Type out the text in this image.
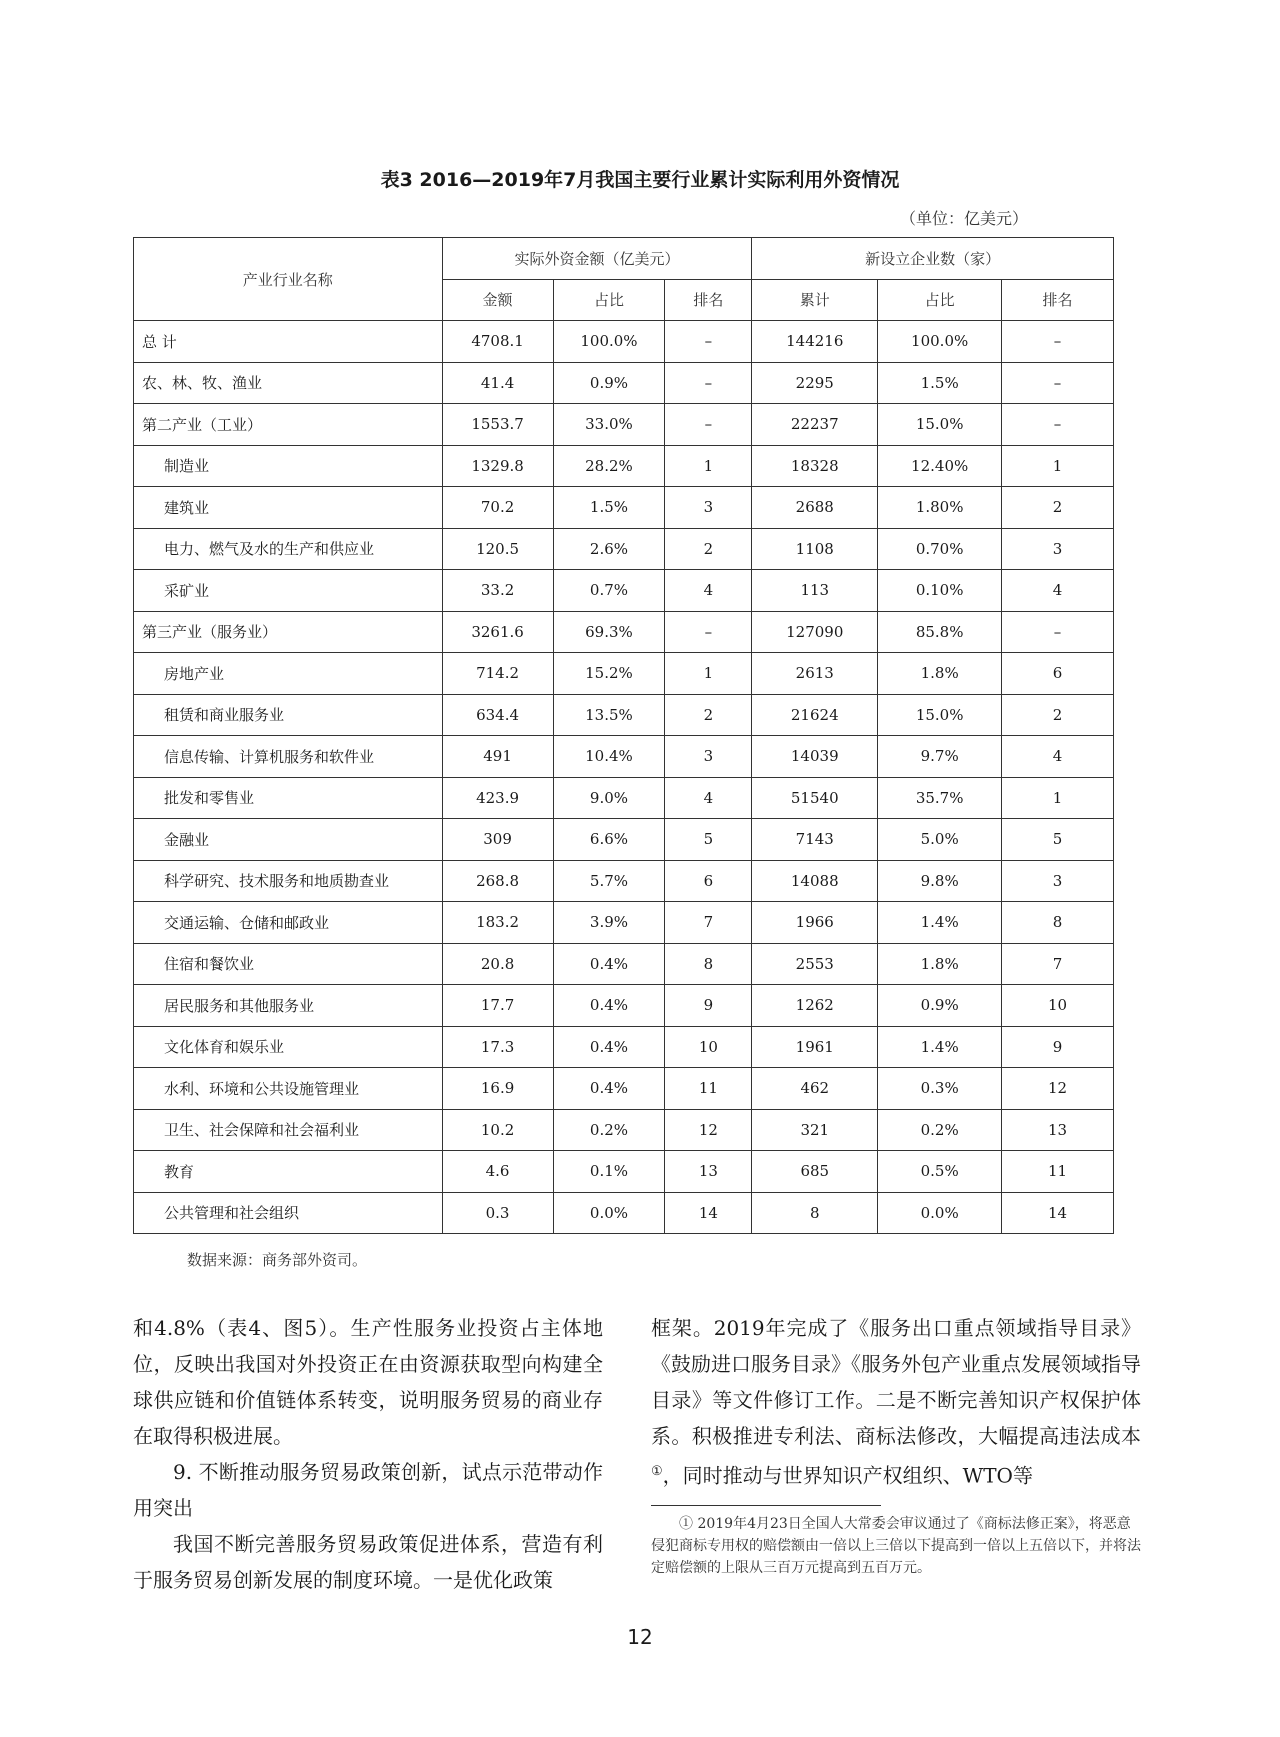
表3 2016—2019年7月我国主要行业累计实际利用外资情况
（单位：亿美元）
产业行业名称	实际外资金额（亿美元）			新设立企业数（家）		
	金额	占比	排名	累计	占比	排名
总 计	4708.1	100.0%	–	144216	100.0%	–
农、林、牧、渔业	41.4	0.9%	–	2295	1.5%	–
第二产业（工业）	1553.7	33.0%	–	22237	15.0%	–
制造业	1329.8	28.2%	1	18328	12.40%	1
建筑业	70.2	1.5%	3	2688	1.80%	2
电力、燃气及水的生产和供应业	120.5	2.6%	2	1108	0.70%	3
采矿业	33.2	0.7%	4	113	0.10%	4
第三产业（服务业）	3261.6	69.3%	–	127090	85.8%	–
房地产业	714.2	15.2%	1	2613	1.8%	6
租赁和商业服务业	634.4	13.5%	2	21624	15.0%	2
信息传输、计算机服务和软件业	491	10.4%	3	14039	9.7%	4
批发和零售业	423.9	9.0%	4	51540	35.7%	1
金融业	309	6.6%	5	7143	5.0%	5
科学研究、技术服务和地质勘查业	268.8	5.7%	6	14088	9.8%	3
交通运输、仓储和邮政业	183.2	3.9%	7	1966	1.4%	8
住宿和餐饮业	20.8	0.4%	8	2553	1.8%	7
居民服务和其他服务业	17.7	0.4%	9	1262	0.9%	10
文化体育和娱乐业	17.3	0.4%	10	1961	1.4%	9
水利、环境和公共设施管理业	16.9	0.4%	11	462	0.3%	12
卫生、社会保障和社会福利业	10.2	0.2%	12	321	0.2%	13
教育	4.6	0.1%	13	685	0.5%	11
公共管理和社会组织	0.3	0.0%	14	8	0.0%	14
数据来源：商务部外资司。

和4.8%（表4、图5）。生产性服务业投资占主体地位，反映出我国对外投资正在由资源获取型向构建全球供应链和价值链体系转变，说明服务贸易的商业存在取得积极进展。

9. 不断推动服务贸易政策创新，试点示范带动作用突出

我国不断完善服务贸易政策促进体系，营造有利于服务贸易创新发展的制度环境。一是优化政策

框架。2019年完成了《服务出口重点领域指导目录》《鼓励进口服务目录》《服务外包产业重点发展领域指导目录》等文件修订工作。二是不断完善知识产权保护体系。积极推进专利法、商标法修改，大幅提高违法成本①，同时推动与世界知识产权组织、WTO等

① 2019年4月23日全国人大常委会审议通过了《商标法修正案》，将恶意侵犯商标专用权的赔偿额由一倍以上三倍以下提高到一倍以上五倍以下，并将法定赔偿额的上限从三百万元提高到五百万元。
12
